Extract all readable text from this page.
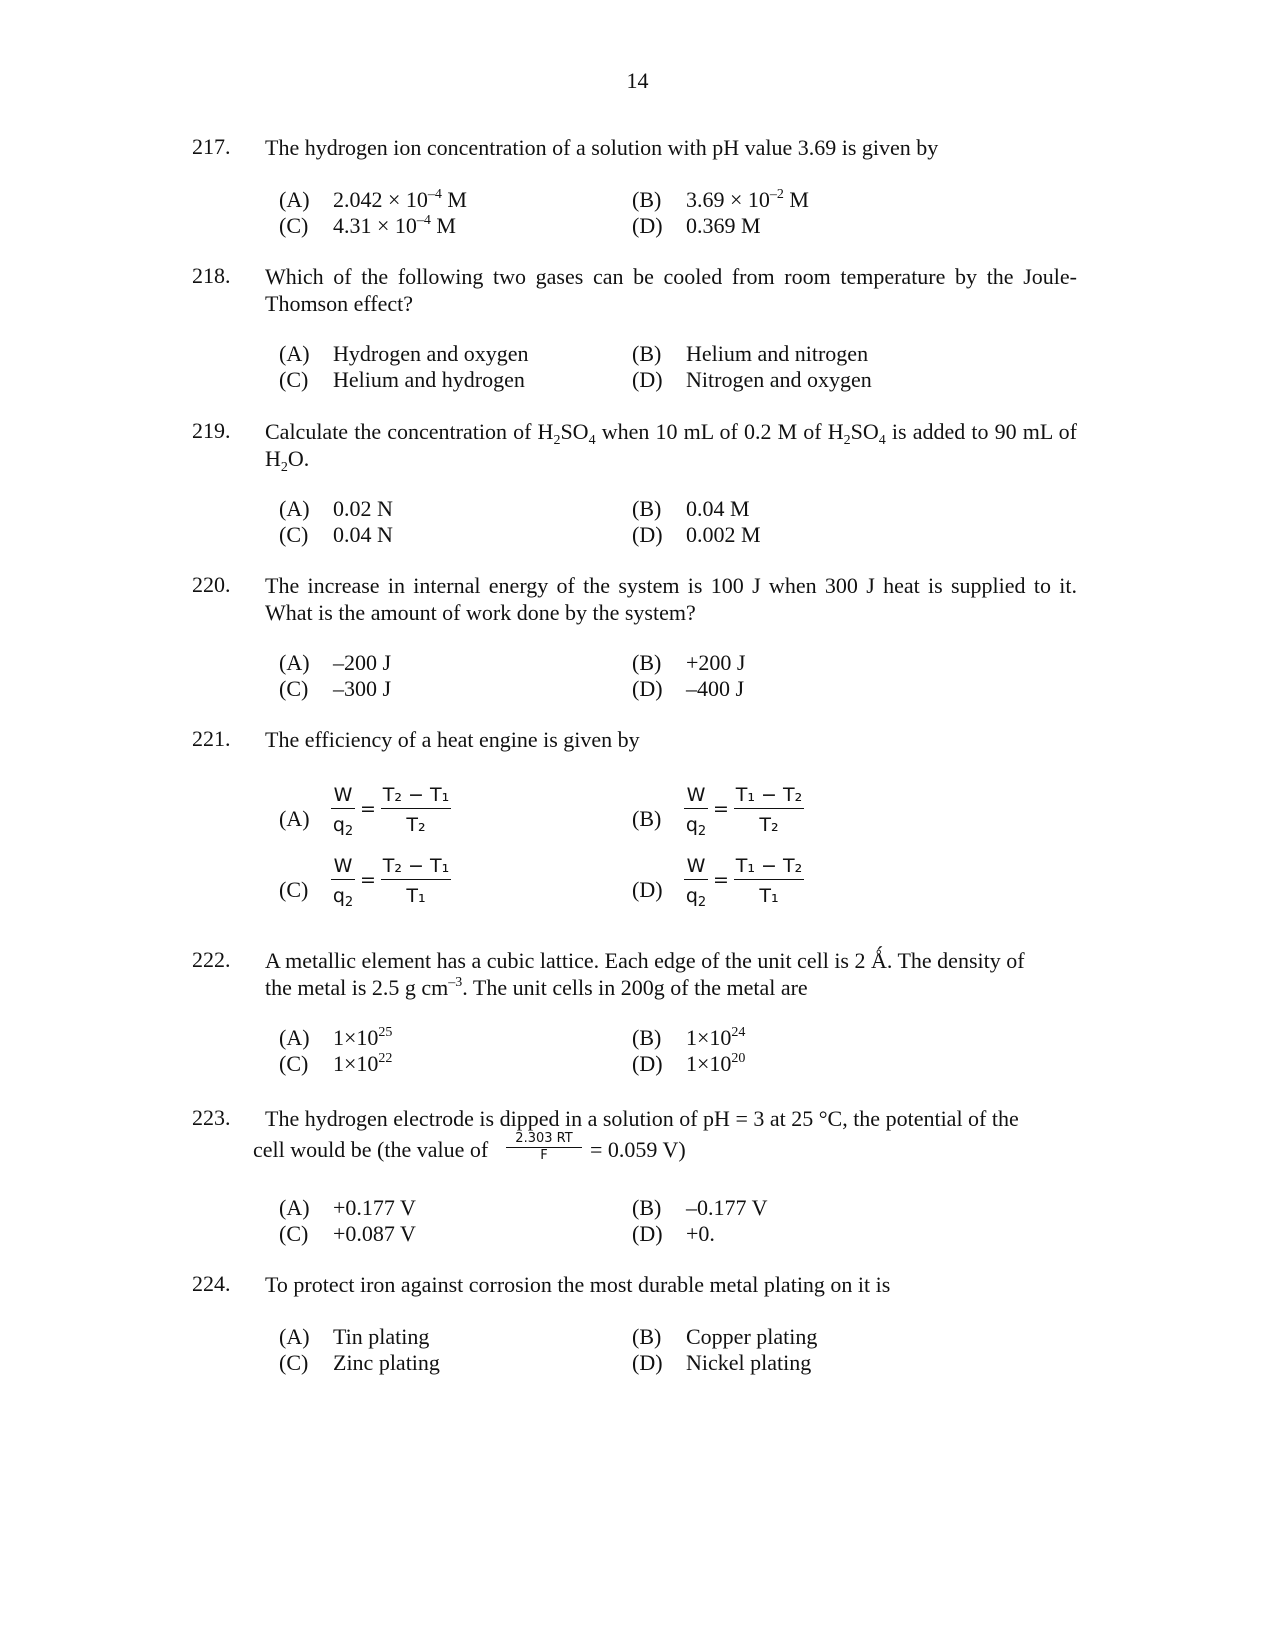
14
217. The hydrogen ion concentration of a solution with pH value 3.69 is given by
(A) $2.042 \times 10^{-4}$ M	(B) $3.69 \times 10^{-2}$ M
(C) $4.31 \times 10^{-4}$ M	(D) 0.369 M
218. Which of the following two gases can be cooled from room temperature by the Joule-Thomson effect?
(A) Hydrogen and oxygen	(B) Helium and nitrogen
(C) Helium and hydrogen	(D) Nitrogen and oxygen
219. Calculate the concentration of $H_2SO_4$ when 10 mL of 0.2 M of $H_2SO_4$ is added to 90 mL of $H_2O$.
(A) 0.02 N	(B) 0.04 M
(C) 0.04 N	(D) 0.002 M
220. The increase in internal energy of the system is 100 J when 300 J heat is supplied to it. What is the amount of work done by the system?
(A) –200 J	(B) +200 J
(C) –300 J	(D) –400 J
221. The efficiency of a heat engine is given by
(A)
W
$q_2$
=
T₂ − T₁
T₂	(B)
W
$q_2$
=
T₁ − T₂
T₂
(C)
W
$q_2$
=
T₂ − T₁
T₁	(D)
W
$q_2$
=
T₁ − T₂
T₁
222. A metallic element has a cubic lattice. Each edge of the unit cell is 2 Ǻ. The density of
the metal is 2.5 g $cm^{-3}$. The unit cells in 200g of the metal are
(A) $1\times 10^{25}$	(B) $1\times 10^{24}$
(C) $1\times 10^{22}$	(D) $1\times 10^{20}$
223. The hydrogen electrode is dipped in a solution of pH = 3 at 25 °C, the potential of the
cell would be (the value of	2.303 RT
F	= 0.059 V)
(A) +0.177 V	(B) –0.177 V
(C) +0.087 V	(D) +0.
224. To protect iron against corrosion the most durable metal plating on it is
(A) Tin plating	(B) Copper plating
(C) Zinc plating	(D) Nickel plating
